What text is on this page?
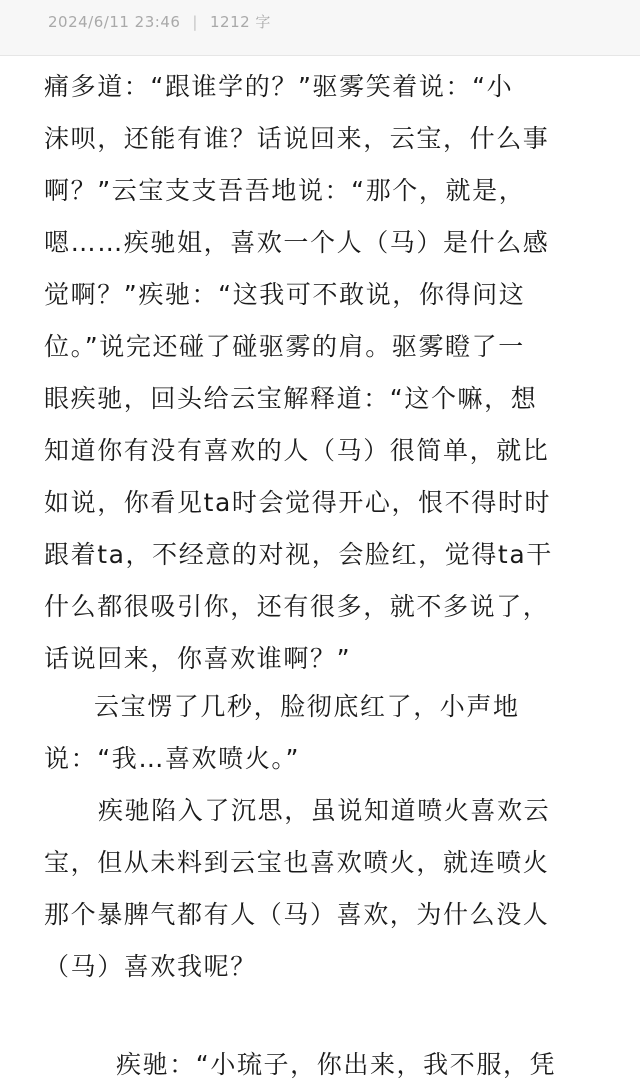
2024/6/11 23:46 | 1212 字
痛多道：“跟谁学的？”驱雾笑着说：“小
沫呗，还能有谁？话说回来，云宝，什么事
啊？”云宝支支吾吾地说：“那个，就是，
嗯……疾驰姐，喜欢一个人（马）是什么感
觉啊？”疾驰：“这我可不敢说，你得问这
位。”说完还碰了碰驱雾的肩。驱雾瞪了一
眼疾驰，回头给云宝解释道：“这个嘛，想
知道你有没有喜欢的人（马）很简单，就比
如说，你看见ta时会觉得开心，恨不得时时
跟着ta，不经意的对视，会脸红，觉得ta干
什么都很吸引你，还有很多，就不多说了，
话说回来，你喜欢谁啊？”
云宝愣了几秒，脸彻底红了，小声地
说：“我…喜欢喷火。”
疾驰陷入了沉思，虽说知道喷火喜欢云
宝，但从未料到云宝也喜欢喷火，就连喷火
那个暴脾气都有人（马）喜欢，为什么没人
（马）喜欢我呢？
疾驰：“小琉子，你出来，我不服，凭
